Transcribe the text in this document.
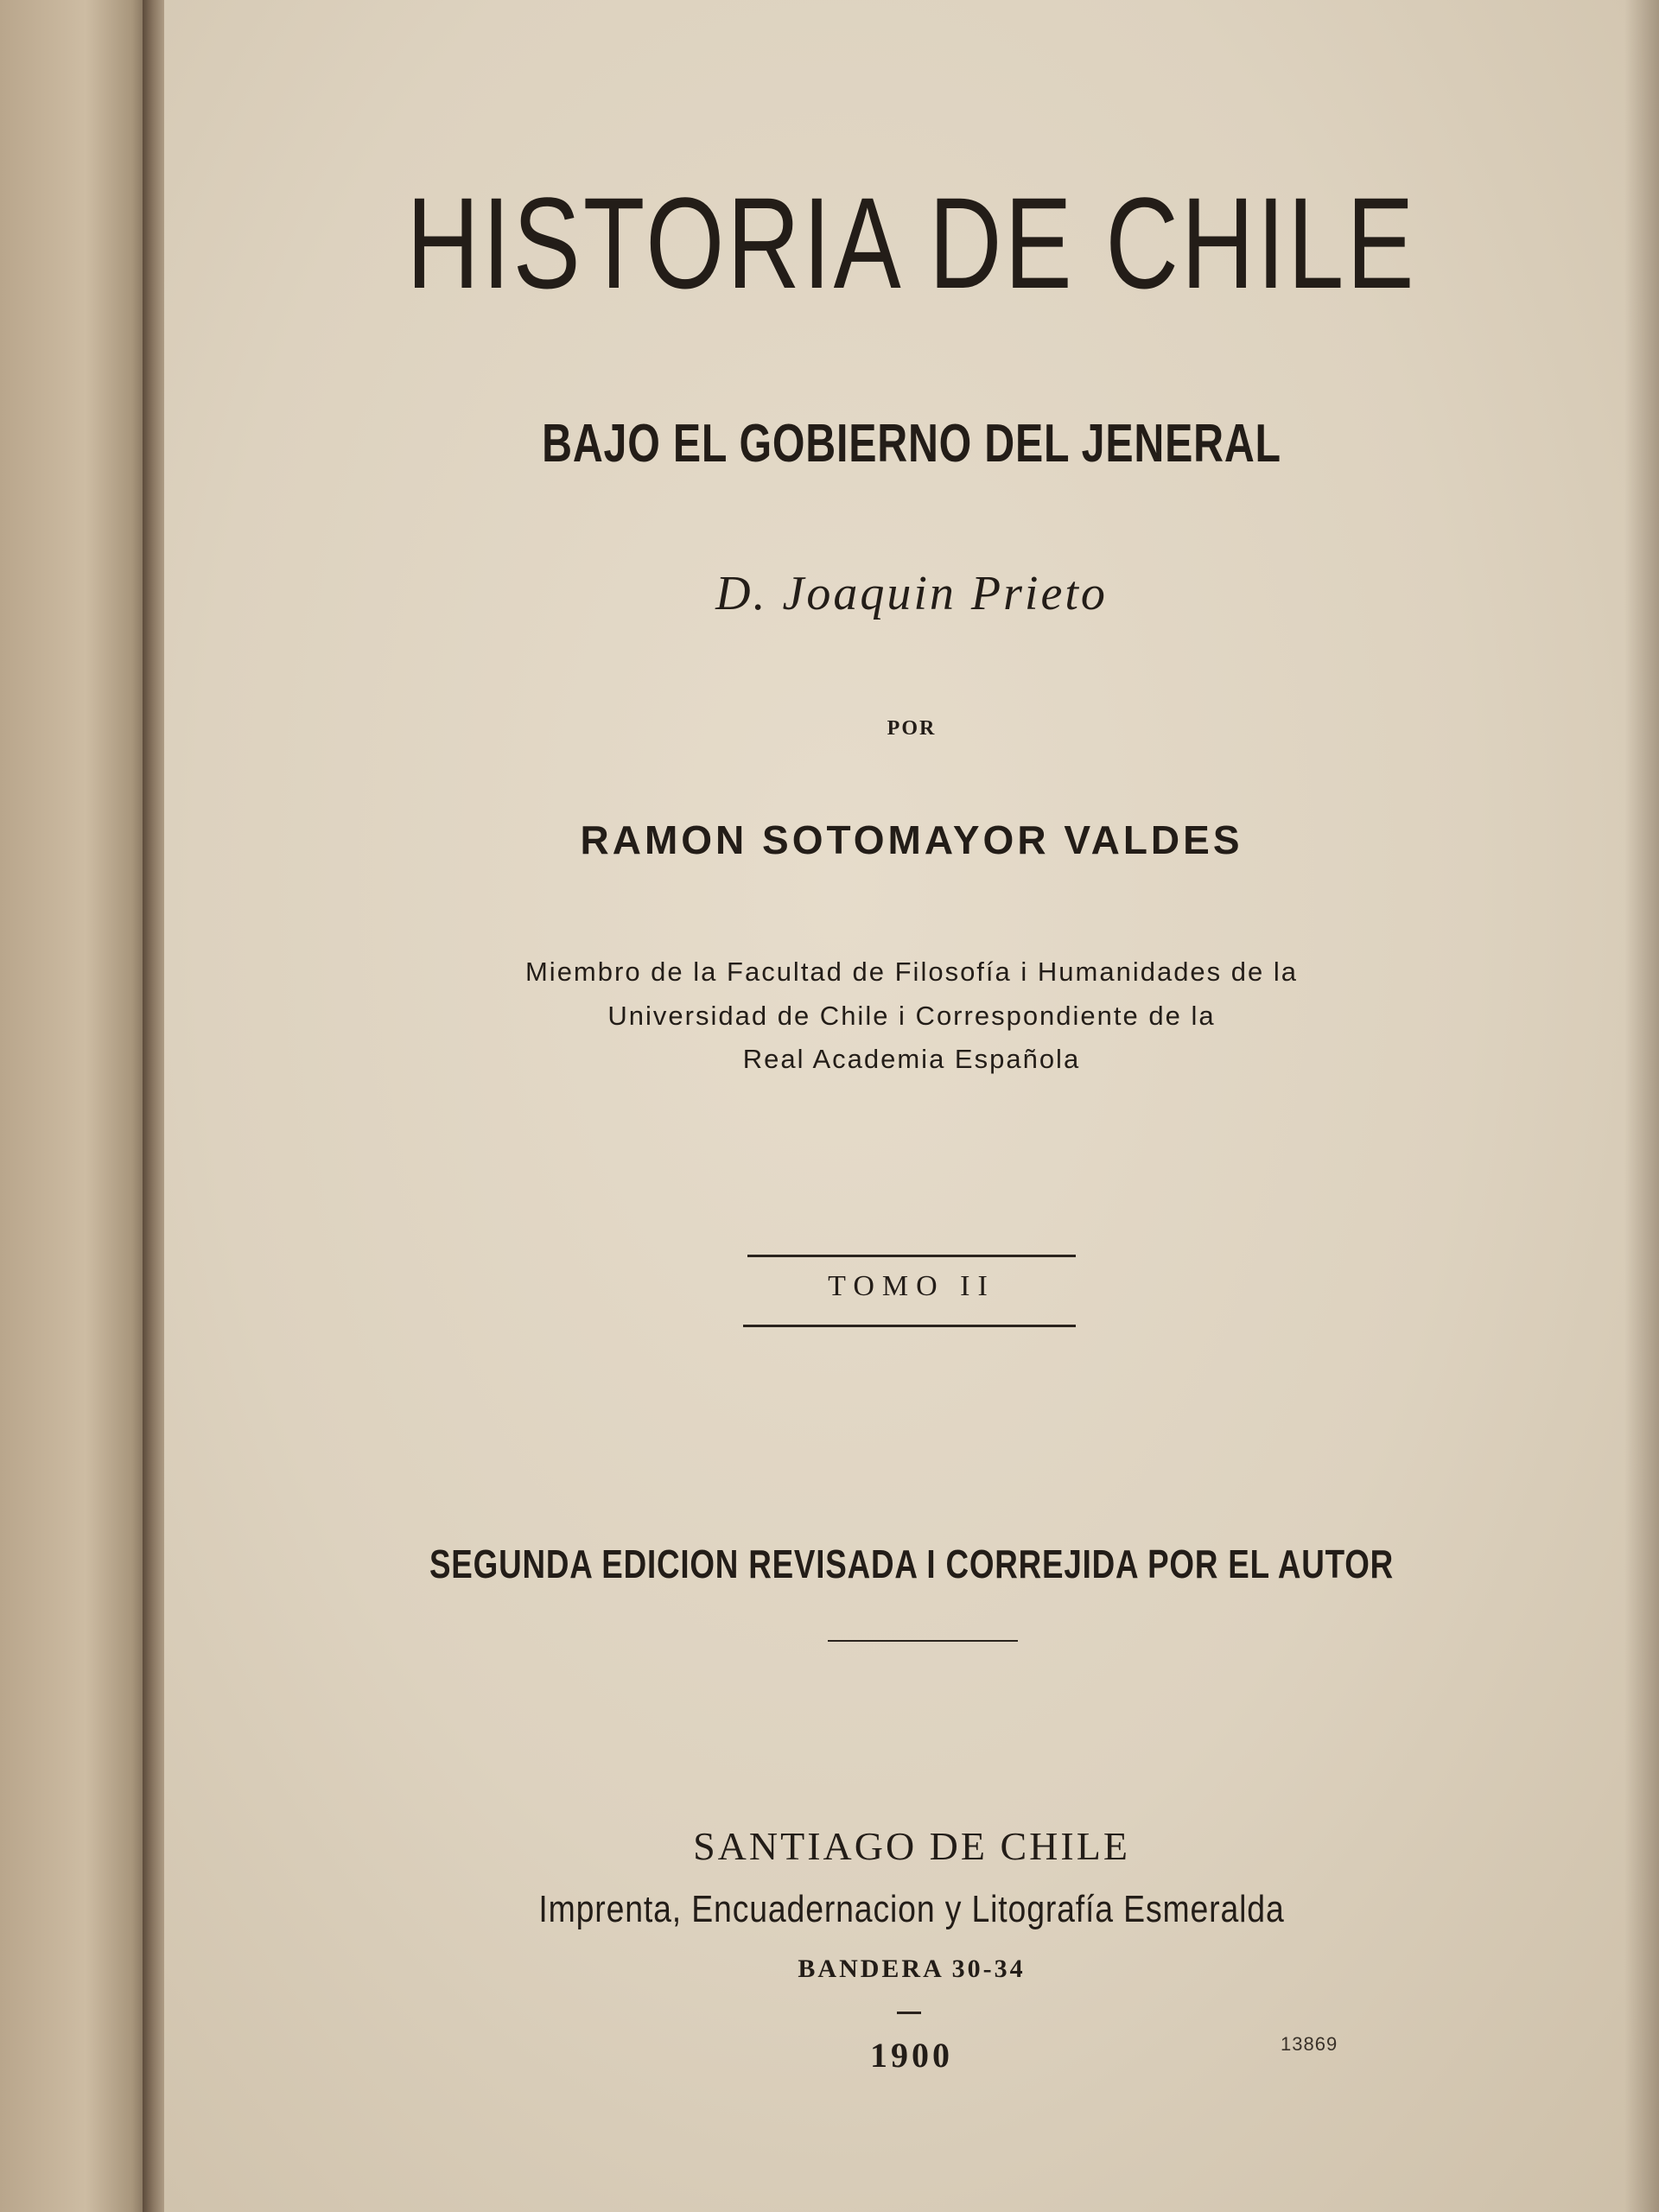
HISTORIA DE CHILE
BAJO EL GOBIERNO DEL JENERAL
D. Joaquin Prieto
POR
RAMON SOTOMAYOR VALDES
Miembro de la Facultad de Filosofía i Humanidades de la
Universidad de Chile i Correspondiente de la
Real Academia Española
TOMO II
SEGUNDA EDICION REVISADA I CORREJIDA POR EL AUTOR
SANTIAGO DE CHILE
Imprenta, Encuadernacion y Litografía Esmeralda
BANDERA 30-34
1900	13869
